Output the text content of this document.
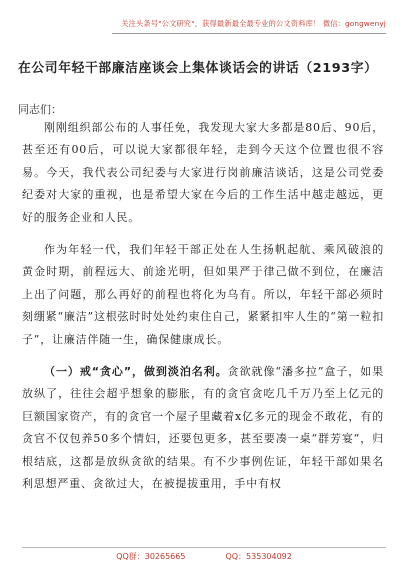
关注头条号"公文研究"，获得最新最全最专业的公文资料库！ 微信：gongwenyj
在公司年轻干部廉洁座谈会上集体谈话会的讲话（2193字）
同志们：

刚刚组织部公布的人事任免，我发现大家大多都是80后、90后，甚至还有00后，可以说大家都很年轻，走到今天这个位置也很不容易。今天，我代表公司纪委与大家进行岗前廉洁谈话，这是公司党委纪委对大家的重视，也是希望大家在今后的工作生活中越走越远，更好的服务企业和人民。

作为年轻一代，我们年轻干部正处在人生扬帆起航、乘风破浪的黄金时期，前程远大、前途光明，但如果严于律己做不到位，在廉洁上出了问题，那么再好的前程也将化为乌有。所以，年轻干部必须时刻绷紧“廉洁”这根弦时时处处约束住自己，紧紧扣牢人生的“第一粒扣子”，让廉洁伴随一生，确保健康成长。

（一）戒“贪心”，做到淡泊名利。贪欲就像“潘多拉”盒子，如果放纵了，往往会超乎想象的膨胀，有的贪官贪吃几千万乃至上亿元的巨额国家资产，有的贪官一个屋子里藏着x亿多元的现金不敢花，有的贪官不仅包养50多个情妇，还要包更多，甚至要凑一桌“群芳宴”，归根结底，这都是放纵贪欲的结果。有不少事例佐证，年轻干部如果名利思想严重、贪欲过大，在被提拔重用，手中有权

QQ群：30265665	QQ：535304092
